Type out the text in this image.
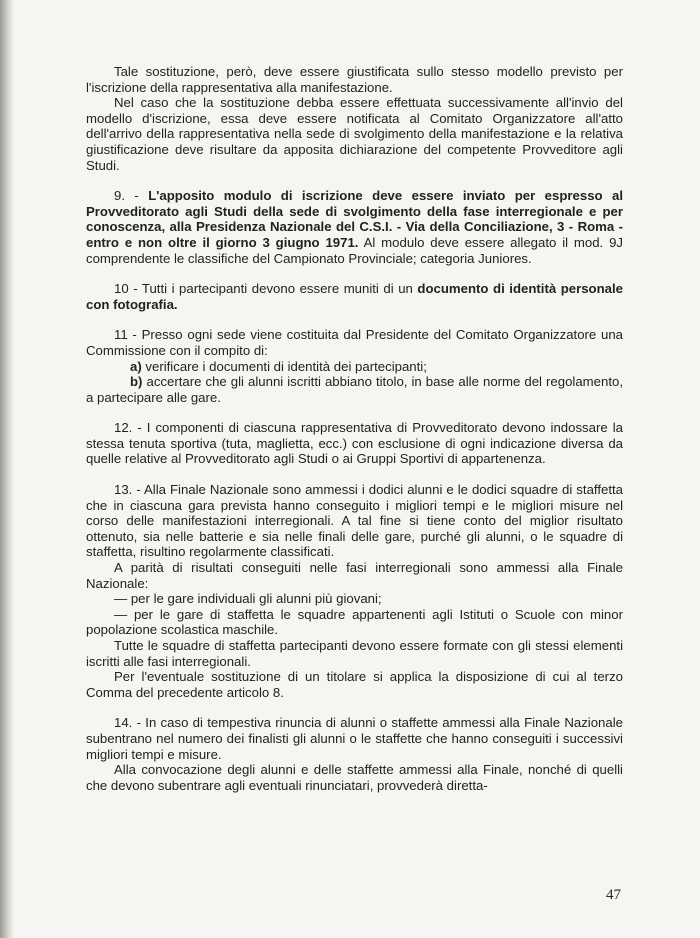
Tale sostituzione, però, deve essere giustificata sullo stesso modello previsto per l'iscrizione della rappresentativa alla manifestazione.

Nel caso che la sostituzione debba essere effettuata successivamente all'invio del modello d'iscrizione, essa deve essere notificata al Comitato Organizzatore all'atto dell'arrivo della rappresentativa nella sede di svolgimento della manifestazione e la relativa giustificazione deve risultare da apposita dichiarazione del competente Provveditore agli Studi.

9. - L'apposito modulo di iscrizione deve essere inviato per espresso al Provveditorato agli Studi della sede di svolgimento della fase interregionale e per conoscenza, alla Presidenza Nazionale del C.S.I. - Via della Conciliazione, 3 - Roma - entro e non oltre il giorno 3 giugno 1971. Al modulo deve essere allegato il mod. 9J comprendente le classifiche del Campionato Provinciale; categoria Juniores.

10 - Tutti i partecipanti devono essere muniti di un documento di identità personale con fotografia.

11 - Presso ogni sede viene costituita dal Presidente del Comitato Organizzatore una Commissione con il compito di:

a) verificare i documenti di identità dei partecipanti;

b) accertare che gli alunni iscritti abbiano titolo, in base alle norme del regolamento, a partecipare alle gare.

12. - I componenti di ciascuna rappresentativa di Provveditorato devono indossare la stessa tenuta sportiva (tuta, maglietta, ecc.) con esclusione di ogni indicazione diversa da quelle relative al Provveditorato agli Studi o ai Gruppi Sportivi di appartenenza.

13. - Alla Finale Nazionale sono ammessi i dodici alunni e le dodici squadre di staffetta che in ciascuna gara prevista hanno conseguito i migliori tempi e le migliori misure nel corso delle manifestazioni interregionali. A tal fine si tiene conto del miglior risultato ottenuto, sia nelle batterie e sia nelle finali delle gare, purché gli alunni, o le squadre di staffetta, risultino regolarmente classificati.

A parità di risultati conseguiti nelle fasi interregionali sono ammessi alla Finale Nazionale:

— per le gare individuali gli alunni più giovani;

— per le gare di staffetta le squadre appartenenti agli Istituti o Scuole con minor popolazione scolastica maschile.

Tutte le squadre di staffetta partecipanti devono essere formate con gli stessi elementi iscritti alle fasi interregionali.

Per l'eventuale sostituzione di un titolare si applica la disposizione di cui al terzo Comma del precedente articolo 8.

14. - In caso di tempestiva rinuncia di alunni o staffette ammessi alla Finale Nazionale subentrano nel numero dei finalisti gli alunni o le staffette che hanno conseguiti i successivi migliori tempi e misure.

Alla convocazione degli alunni e delle staffette ammessi alla Finale, nonché di quelli che devono subentrare agli eventuali rinunciatari, provvederà diretta-

47
